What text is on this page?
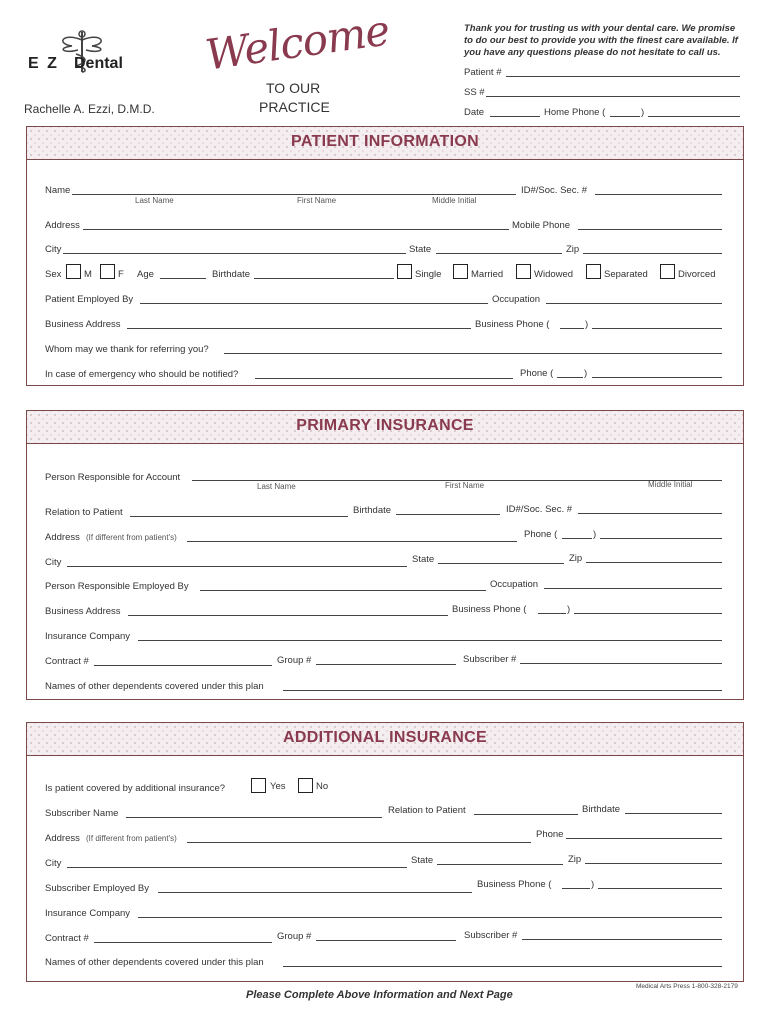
E Z Dental
Rachelle A. Ezzi, D.M.D.
Welcome
TO OUR
PRACTICE
Thank you for trusting us with your dental care. We promise to do our best to provide you with the finest care available. If you have any questions please do not hesitate to call us.
Patient #
SS #
Date	Home Phone (	)
PATIENT INFORMATION
Name
Last Name	First Name	Middle Initial
ID#/Soc. Sec. #
Address	Mobile Phone
City	State	Zip
Sex M	F Age	Birthdate	Single	Married	Widowed	Separated	Divorced
Patient Employed By	Occupation
Business Address	Business Phone (	)
Whom may we thank for referring you?
In case of emergency who should be notified?	Phone (	)
PRIMARY INSURANCE
Person Responsible for Account
Last Name	First Name	Middle Initial
Relation to Patient	Birthdate	ID#/Soc. Sec. #
Address (If different from patient's)	Phone (	)
City	State	Zip
Person Responsible Employed By	Occupation
Business Address	Business Phone (	)
Insurance Company
Contract #	Group #	Subscriber #
Names of other dependents covered under this plan
ADDITIONAL INSURANCE
Is patient covered by additional insurance?	Yes	No
Subscriber Name	Relation to Patient	Birthdate
Address (If different from patient's)	Phone
City	State	Zip
Subscriber Employed By	Business Phone (	)
Insurance Company
Contract #	Group #	Subscriber #
Names of other dependents covered under this plan
Medical Arts Press 1-800-328-2179
Please Complete Above Information and Next Page
